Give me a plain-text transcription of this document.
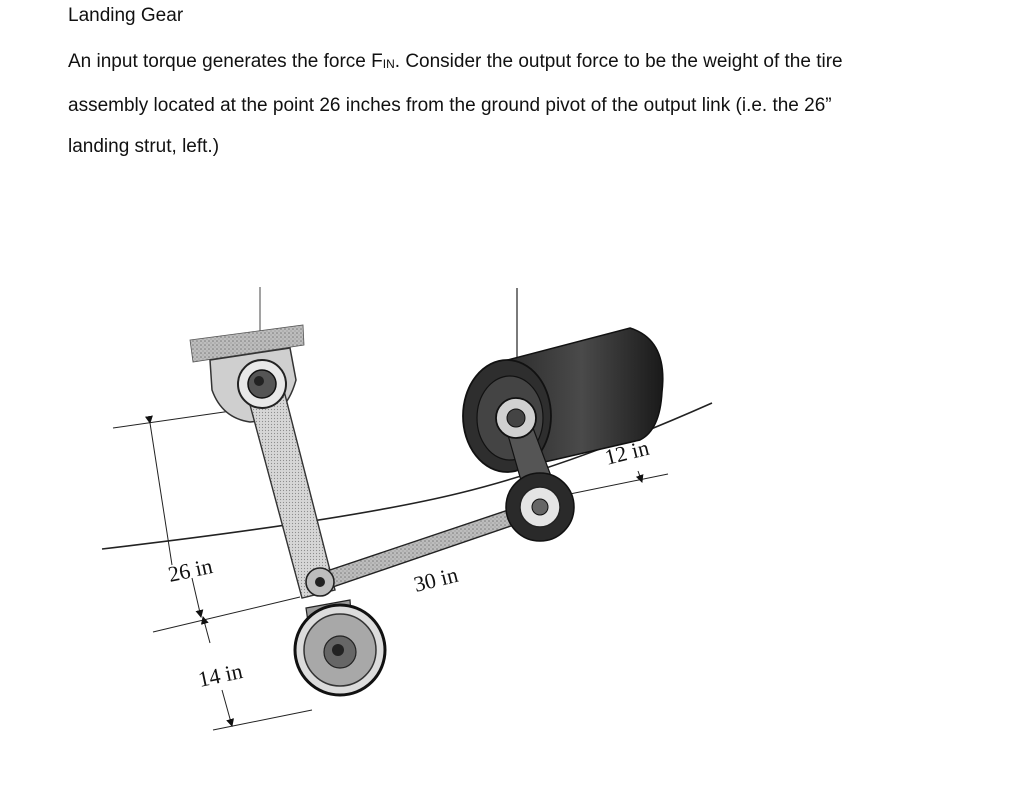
Landing Gear
An input torque generates the force FIN. Consider the output force to be the weight of the tire
assembly located at the point 26 inches from the ground pivot of the output link (i.e. the 26”
landing strut, left.)
26 in
14 in
30 in
12 in
